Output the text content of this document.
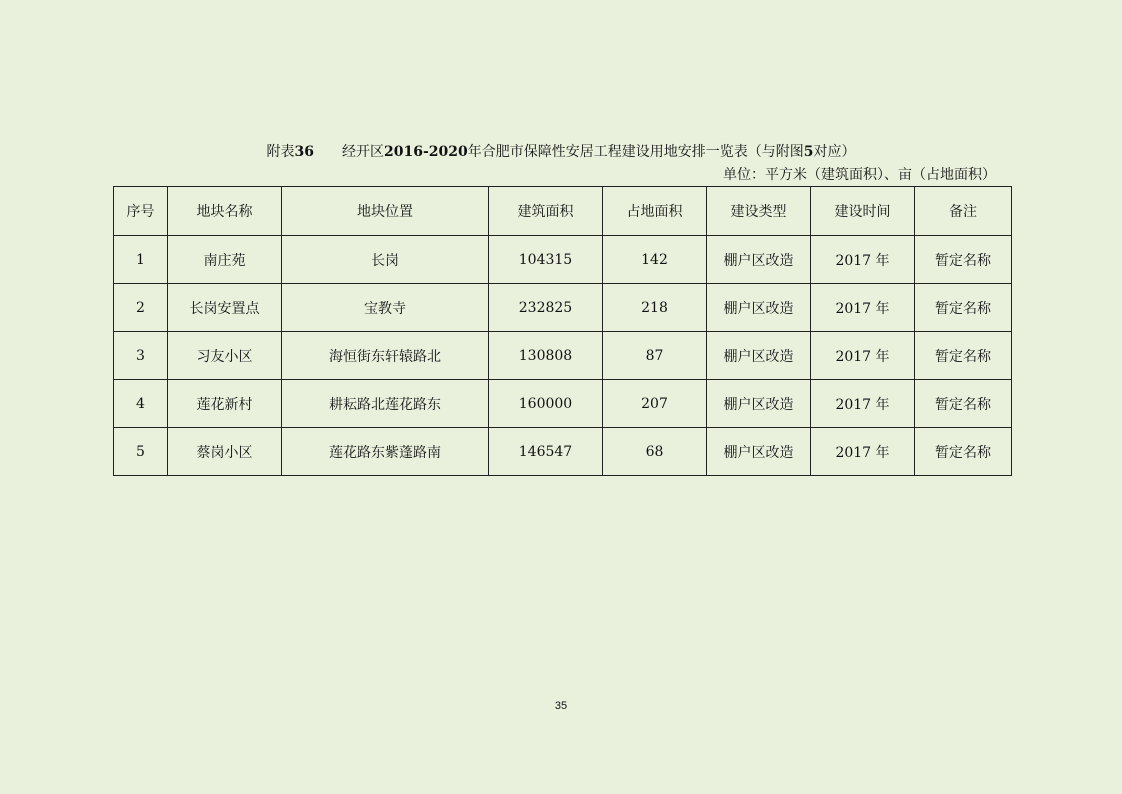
附表36 经开区2016-2020年合肥市保障性安居工程建设用地安排一览表（与附图5对应）
单位：平方米（建筑面积）、亩（占地面积）
序号	地块名称	地块位置	建筑面积	占地面积	建设类型	建设时间	备注
1	南庄苑	长岗	104315	142	棚户区改造	2017 年	暂定名称
2	长岗安置点	宝教寺	232825	218	棚户区改造	2017 年	暂定名称
3	习友小区	海恒街东轩辕路北	130808	87	棚户区改造	2017 年	暂定名称
4	莲花新村	耕耘路北莲花路东	160000	207	棚户区改造	2017 年	暂定名称
5	蔡岗小区	莲花路东紫蓬路南	146547	68	棚户区改造	2017 年	暂定名称
35
